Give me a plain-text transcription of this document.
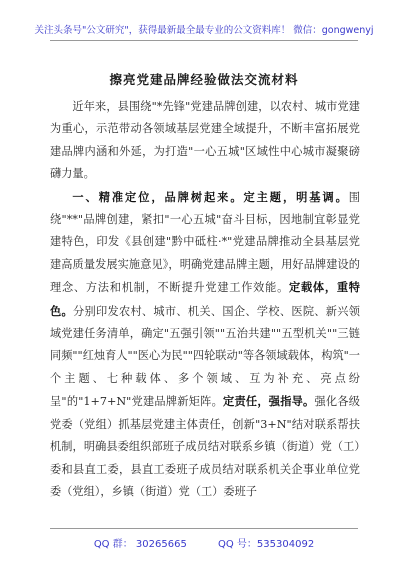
关注头条号"公文研究"，获得最新最全最专业的公文资料库！ 微信：gongwenyj
擦亮党建品牌经验做法交流材料

近年来，县围绕"*先锋"党建品牌创建，以农村、城市党建为重心，示范带动各领域基层党建全域提升，不断丰富拓展党建品牌内涵和外延，为打造"一心五城"区域性中心城市凝聚磅礴力量。

一、精准定位，品牌树起来。定主题，明基调。围绕"**"品牌创建，紧扣"一心五城"奋斗目标，因地制宜彰显党建特色，印发《县创建"黔中砥柱·*"党建品牌推动全县基层党建高质量发展实施意见》，明确党建品牌主题，用好品牌建设的理念、方法和机制，不断提升党建工作效能。定载体，重特色。分别印发农村、城市、机关、国企、学校、医院、新兴领域党建任务清单，确定"五强引领""五治共建""五型机关""三链同频""红烛育人""医心为民""四轮联动"等各领域载体，构筑"一个主题、七种载体、多个领域、互为补充、亮点纷呈"的"1+7+N"党建品牌新矩阵。定责任，强指导。强化各级党委（党组）抓基层党建主体责任，创新"3+N"结对联系帮扶机制，明确县委组织部班子成员结对联系乡镇（街道）党（工）委和县直工委，县直工委班子成员结对联系机关企事业单位党委（党组），乡镇（街道）党（工）委班子

QQ 群： 30265665	QQ 号：535304092
